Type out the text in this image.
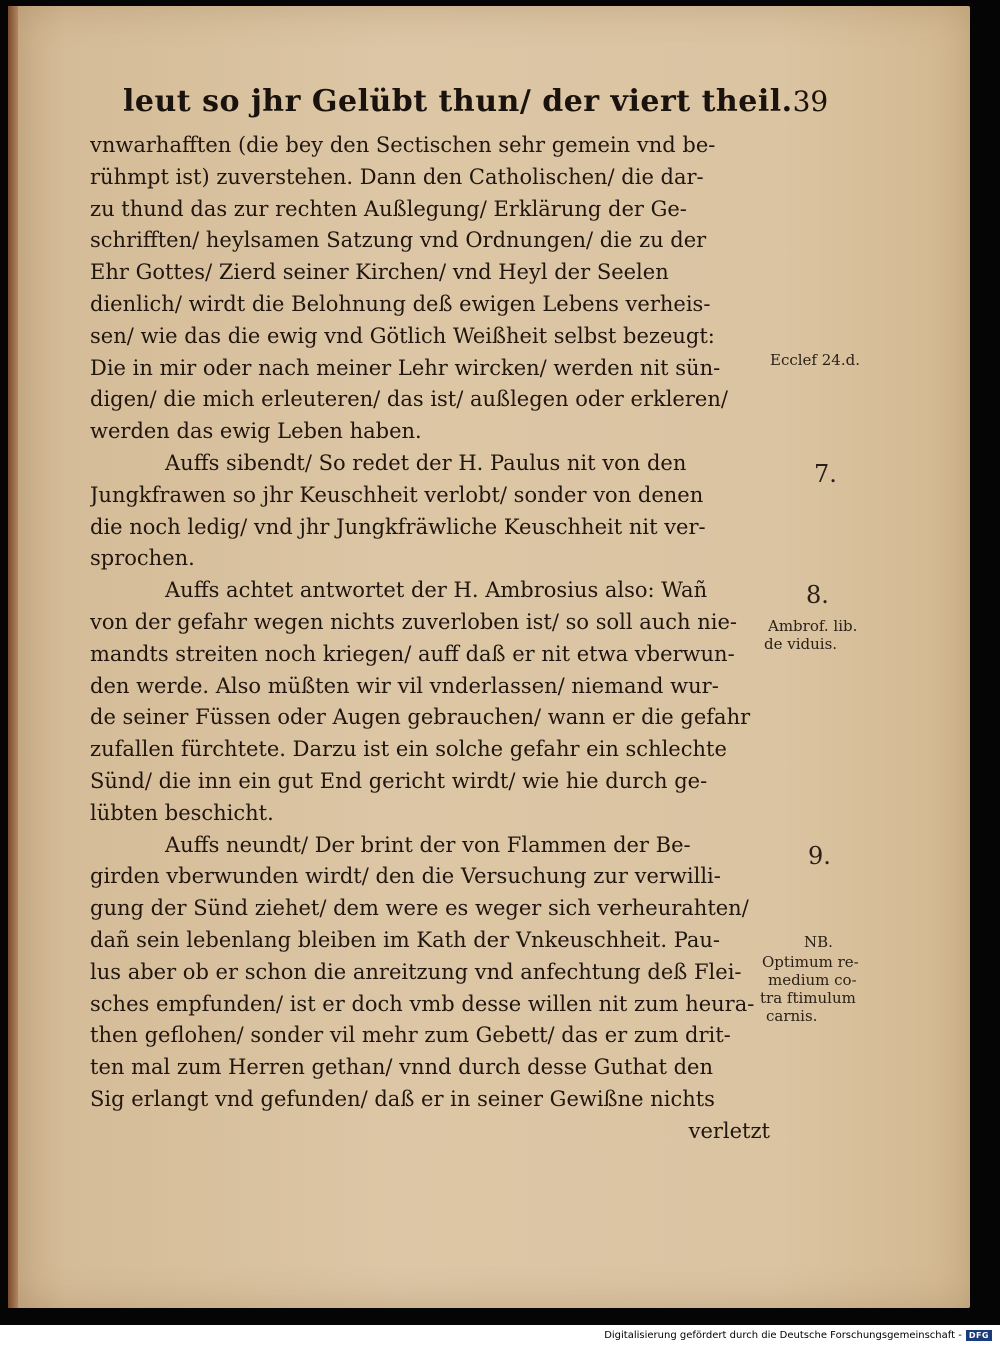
leut so jhr Gelübt thun/ der viert theil. 39
vnwarhafften (die bey den Sectischen sehr gemein vnd be-
rühmpt ist) zuverstehen. Dann den Catholischen/ die dar-
zu thund das zur rechten Außlegung/ Erklärung der Ge-
schrifften/ heylsamen Satzung vnd Ordnungen/ die zu der
Ehr Gottes/ Zierd seiner Kirchen/ vnd Heyl der Seelen
dienlich/ wirdt die Belohnung deß ewigen Lebens verheis-
sen/ wie das die ewig vnd Götlich Weißheit selbst bezeugt:
Die in mir oder nach meiner Lehr wircken/ werden nit sün-
digen/ die mich erleuteren/ das ist/ außlegen oder erkleren/
werden das ewig Leben haben.
Auffs sibendt/ So redet der H. Paulus nit von den
Jungkfrawen so jhr Keuschheit verlobt/ sonder von denen
die noch ledig/ vnd jhr Jungkfräwliche Keuschheit nit ver-
sprochen.
Auffs achtet antwortet der H. Ambrosius also: Wañ
von der gefahr wegen nichts zuverloben ist/ so soll auch nie-
mandts streiten noch kriegen/ auff daß er nit etwa vberwun-
den werde. Also müßten wir vil vnderlassen/ niemand wur-
de seiner Füssen oder Augen gebrauchen/ wann er die gefahr
zufallen fürchtete. Darzu ist ein solche gefahr ein schlechte
Sünd/ die inn ein gut End gericht wirdt/ wie hie durch ge-
lübten beschicht.
Auffs neundt/ Der brint der von Flammen der Be-
girden vberwunden wirdt/ den die Versuchung zur verwilli-
gung der Sünd ziehet/ dem were es weger sich verheurahten/
dañ sein lebenlang bleiben im Kath der Vnkeuschheit. Pau-
lus aber ob er schon die anreitzung vnd anfechtung deß Flei-
sches empfunden/ ist er doch vmb desse willen nit zum heura-
then geflohen/ sonder vil mehr zum Gebett/ das er zum drit-
ten mal zum Herren gethan/ vnnd durch desse Guthat den
Sig erlangt vnd gefunden/ daß er in seiner Gewißne nichts
verletzt
Ecclef 24.d.
7.
8.
Ambrof. lib.
de viduis.
9.
NB.
Optimum re-
medium co-
tra ftimulum
carnis.
Digitalisierung gefördert durch die Deutsche Forschungsgemeinschaft - DFG
